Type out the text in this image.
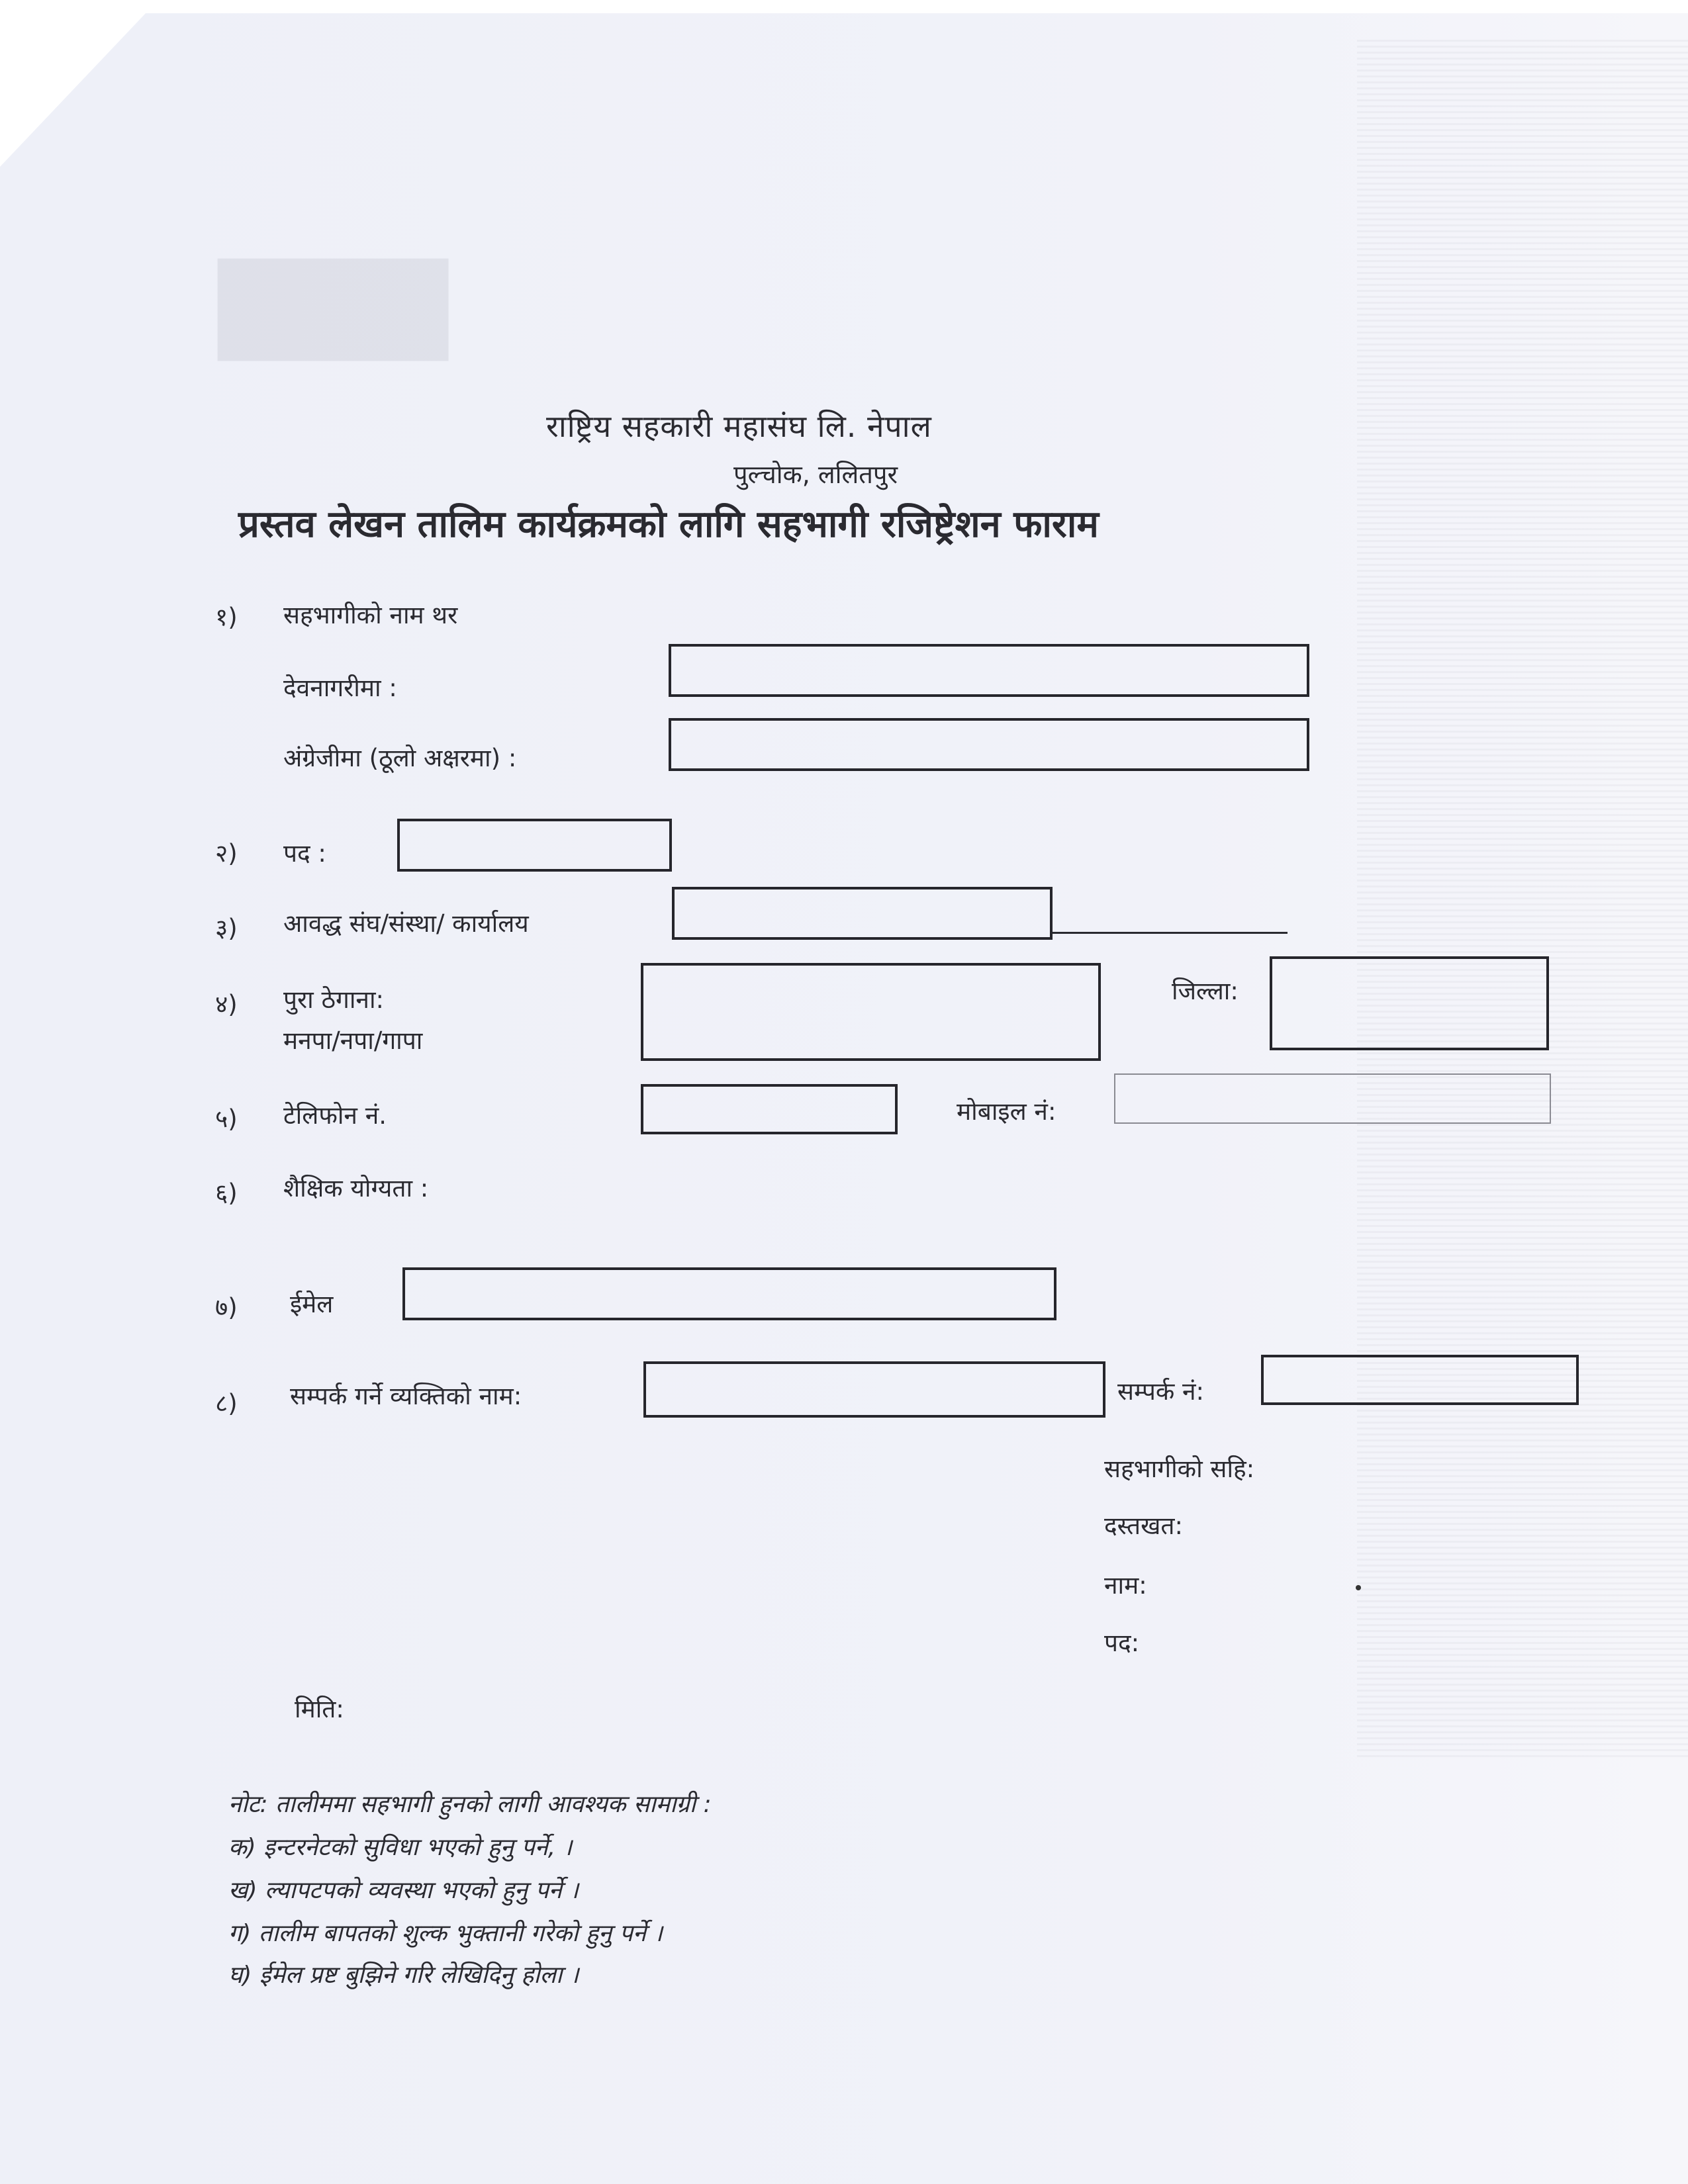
▇▇▇
राष्ट्रिय सहकारी महासंघ लि. नेपाल
पुल्चोक, ललितपुर
प्रस्तव लेखन तालिम कार्यक्रमको लागि सहभागी रजिष्ट्रेशन फाराम
१) सहभागीको नाम थर
देवनागरीमा :
अंग्रेजीमा (ठूलो अक्षरमा) :
२) पद :
३) आवद्ध संघ/संस्था/ कार्यालय
४) पुरा ठेगाना:
मनपा/नपा/गापा
जिल्ला:
५) टेलिफोन नं.	मोबाइल नं:
६) शैक्षिक योग्यता :
७) ईमेल
८) सम्पर्क गर्ने व्यक्तिको नाम:	सम्पर्क नं:
सहभागीको सहि:
दस्तखत:
नाम:
पद:
मिति:
नोट: तालीममा सहभागी हुनको लागी आवश्यक सामाग्री :
क) इन्टरनेटको सुविधा भएको हुनु पर्ने, ।
ख) ल्यापटपको व्यवस्था भएको हुनु पर्ने ।
ग) तालीम बापतको शुल्क भुक्तानी गरेको हुनु पर्ने ।
घ) ईमेल प्रष्ट बुझिने गरि लेखिदिनु होला ।
